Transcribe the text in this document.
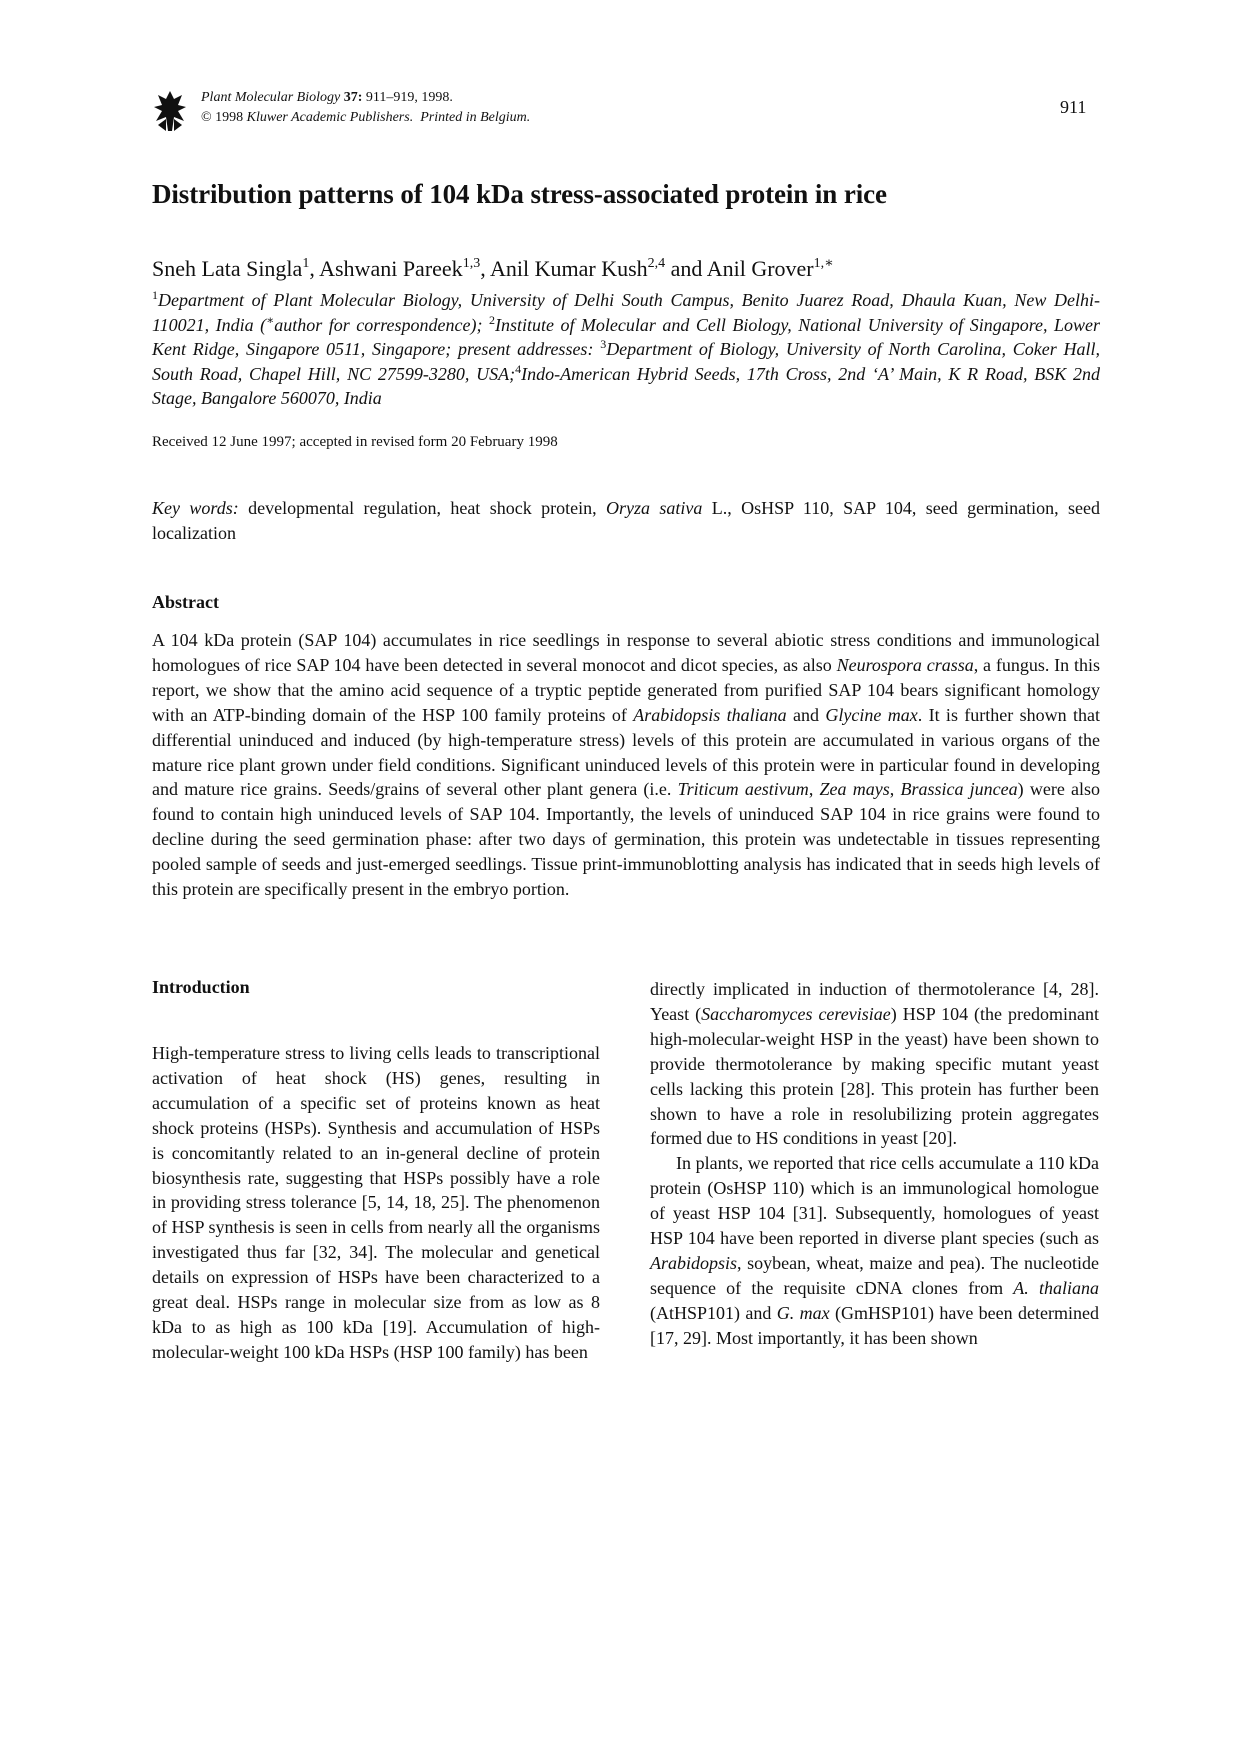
Plant Molecular Biology 37: 911–919, 1998.
© 1998 Kluwer Academic Publishers. Printed in Belgium.
911
Distribution patterns of 104 kDa stress-associated protein in rice
Sneh Lata Singla$^1$, Ashwani Pareek$^{1,3}$, Anil Kumar Kush$^{2,4}$ and Anil Grover$^{1,∗}$
$^1$Department of Plant Molecular Biology, University of Delhi South Campus, Benito Juarez Road, Dhaula Kuan, New Delhi-110021, India (∗author for correspondence); $^2$Institute of Molecular and Cell Biology, National University of Singapore, Lower Kent Ridge, Singapore 0511, Singapore; present addresses: $^3$Department of Biology, University of North Carolina, Coker Hall, South Road, Chapel Hill, NC 27599-3280, USA;$^4$Indo-American Hybrid Seeds, 17th Cross, 2nd ‘A’ Main, K R Road, BSK 2nd Stage, Bangalore 560070, India
Received 12 June 1997; accepted in revised form 20 February 1998
Key words: developmental regulation, heat shock protein, Oryza sativa L., OsHSP 110, SAP 104, seed germination, seed localization
Abstract
A 104 kDa protein (SAP 104) accumulates in rice seedlings in response to several abiotic stress conditions and immunological homologues of rice SAP 104 have been detected in several monocot and dicot species, as also Neurospora crassa, a fungus. In this report, we show that the amino acid sequence of a tryptic peptide generated from purified SAP 104 bears significant homology with an ATP-binding domain of the HSP 100 family proteins of Arabidopsis thaliana and Glycine max. It is further shown that differential uninduced and induced (by high-temperature stress) levels of this protein are accumulated in various organs of the mature rice plant grown under field conditions. Significant uninduced levels of this protein were in particular found in developing and mature rice grains. Seeds/grains of several other plant genera (i.e. Triticum aestivum, Zea mays, Brassica juncea) were also found to contain high uninduced levels of SAP 104. Importantly, the levels of uninduced SAP 104 in rice grains were found to decline during the seed germination phase: after two days of germination, this protein was undetectable in tissues representing pooled sample of seeds and just-emerged seedlings. Tissue print-immunoblotting analysis has indicated that in seeds high levels of this protein are specifically present in the embryo portion.
Introduction

High-temperature stress to living cells leads to transcriptional activation of heat shock (HS) genes, resulting in accumulation of a specific set of proteins known as heat shock proteins (HSPs). Synthesis and accumulation of HSPs is concomitantly related to an in-general decline of protein biosynthesis rate, suggesting that HSPs possibly have a role in providing stress tolerance [5, 14, 18, 25]. The phenomenon of HSP synthesis is seen in cells from nearly all the organisms investigated thus far [32, 34]. The molecular and genetical details on expression of HSPs have been characterized to a great deal. HSPs range in molecular size from as low as 8 kDa to as high as 100 kDa [19]. Accumulation of high-molecular-weight 100 kDa HSPs (HSP 100 family) has been

directly implicated in induction of thermotolerance [4, 28]. Yeast (Saccharomyces cerevisiae) HSP 104 (the predominant high-molecular-weight HSP in the yeast) have been shown to provide thermotolerance by making specific mutant yeast cells lacking this protein [28]. This protein has further been shown to have a role in resolubilizing protein aggregates formed due to HS conditions in yeast [20].

In plants, we reported that rice cells accumulate a 110 kDa protein (OsHSP 110) which is an immunological homologue of yeast HSP 104 [31]. Subsequently, homologues of yeast HSP 104 have been reported in diverse plant species (such as Arabidopsis, soybean, wheat, maize and pea). The nucleotide sequence of the requisite cDNA clones from A. thaliana (AtHSP101) and G. max (GmHSP101) have been determined [17, 29]. Most importantly, it has been shown
